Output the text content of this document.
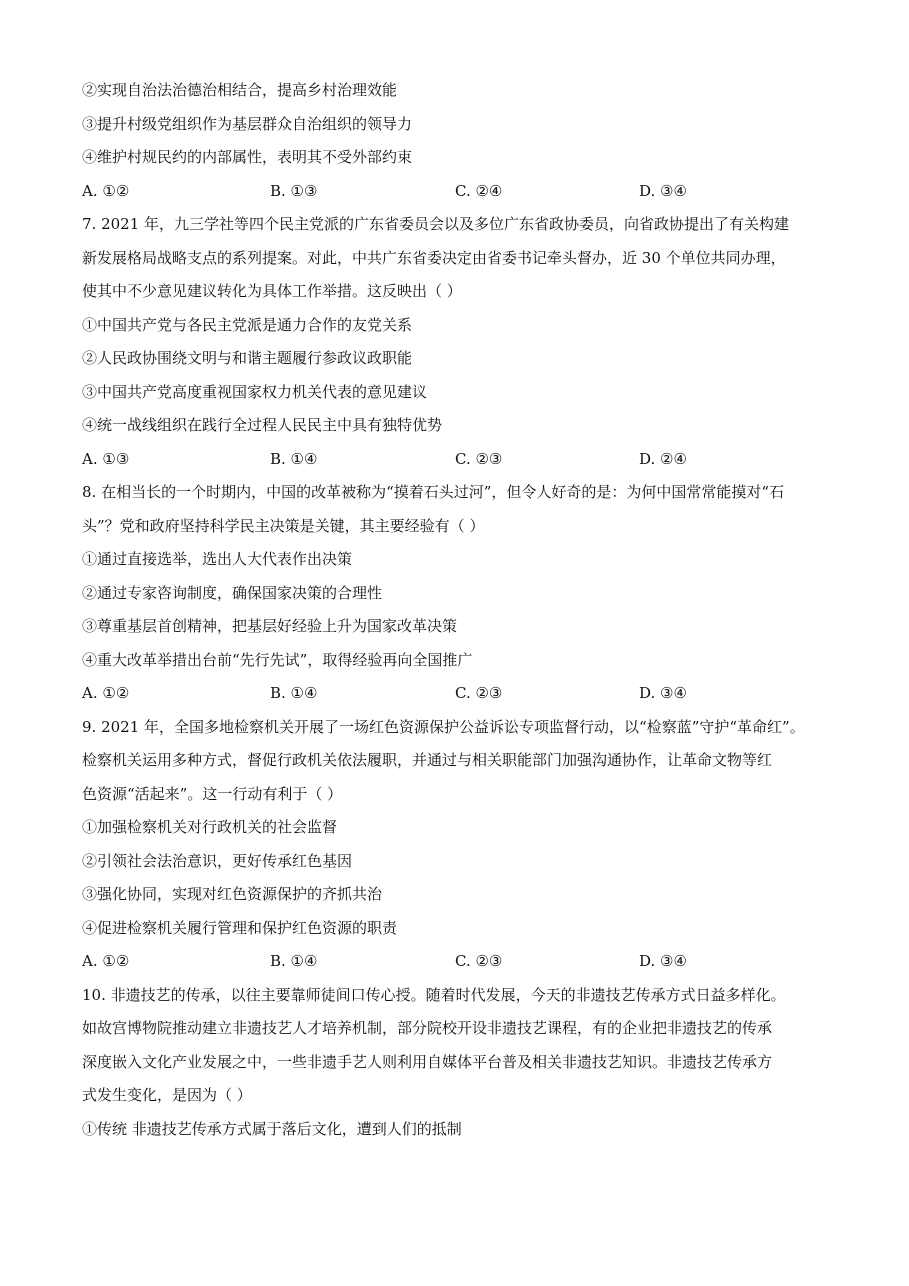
②实现自治法治德治相结合，提高乡村治理效能
③提升村级党组织作为基层群众自治组织的领导力
④维护村规民约的内部属性，表明其不受外部约束
A. ①②	B. ①③	C. ②④	D. ③④
7. 2021 年，九三学社等四个民主党派的广东省委员会以及多位广东省政协委员，向省政协提出了有关构建
新发展格局战略支点的系列提案。对此，中共广东省委决定由省委书记牵头督办，近 30 个单位共同办理，
使其中不少意见建议转化为具体工作举措。这反映出（ ）
①中国共产党与各民主党派是通力合作的友党关系
②人民政协围绕文明与和谐主题履行参政议政职能
③中国共产党高度重视国家权力机关代表的意见建议
④统一战线组织在践行全过程人民民主中具有独特优势
A. ①③	B. ①④	C. ②③	D. ②④
8. 在相当长的一个时期内，中国的改革被称为“摸着石头过河”，但令人好奇的是：为何中国常常能摸对“石
头”？党和政府坚持科学民主决策是关键，其主要经验有（ ）
①通过直接选举，选出人大代表作出决策
②通过专家咨询制度，确保国家决策的合理性
③尊重基层首创精神，把基层好经验上升为国家改革决策
④重大改革举措出台前“先行先试”，取得经验再向全国推广
A. ①②	B. ①④	C. ②③	D. ③④
9. 2021 年，全国多地检察机关开展了一场红色资源保护公益诉讼专项监督行动，以“检察蓝”守护“革命红”。
检察机关运用多种方式，督促行政机关依法履职，并通过与相关职能部门加强沟通协作，让革命文物等红
色资源“活起来”。这一行动有利于（ ）
①加强检察机关对行政机关的社会监督
②引领社会法治意识，更好传承红色基因
③强化协同，实现对红色资源保护的齐抓共治
④促进检察机关履行管理和保护红色资源的职责
A. ①②	B. ①④	C. ②③	D. ③④
10. 非遗技艺的传承，以往主要靠师徒间口传心授。随着时代发展，今天的非遗技艺传承方式日益多样化。
如故宫博物院推动建立非遗技艺人才培养机制，部分院校开设非遗技艺课程，有的企业把非遗技艺的传承
深度嵌入文化产业发展之中，一些非遗手艺人则利用自媒体平台普及相关非遗技艺知识。非遗技艺传承方
式发生变化，是因为（ ）
①传统 非遗技艺传承方式属于落后文化，遭到人们的抵制
